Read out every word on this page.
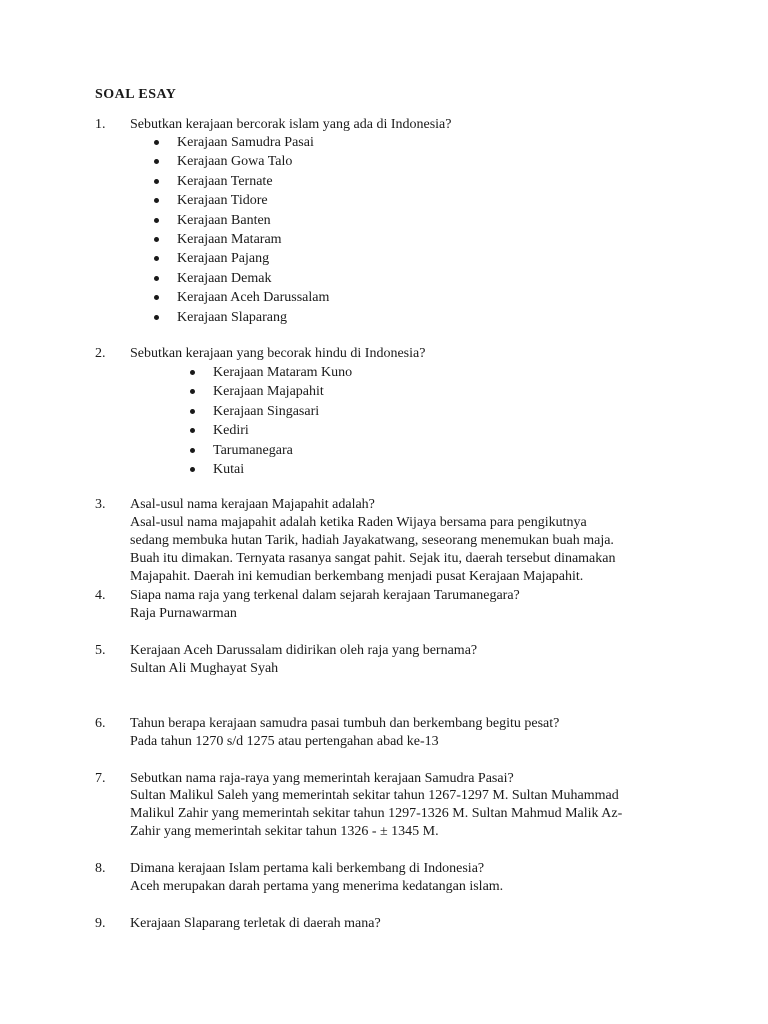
SOAL ESAY
1. Sebutkan kerajaan bercorak islam yang ada di Indonesia?
Kerajaan Samudra Pasai
Kerajaan Gowa Talo
Kerajaan Ternate
Kerajaan Tidore
Kerajaan Banten
Kerajaan Mataram
Kerajaan Pajang
Kerajaan Demak
Kerajaan Aceh Darussalam
Kerajaan Slaparang
2. Sebutkan kerajaan yang becorak hindu di Indonesia?
Kerajaan Mataram Kuno
Kerajaan Majapahit
Kerajaan Singasari
Kediri
Tarumanegara
Kutai
3. Asal-usul nama kerajaan Majapahit adalah?
Asal-usul nama majapahit adalah ketika Raden Wijaya bersama para pengikutnya
sedang membuka hutan Tarik, hadiah Jayakatwang, seseorang menemukan buah maja.
Buah itu dimakan. Ternyata rasanya sangat pahit. Sejak itu, daerah tersebut dinamakan
Majapahit. Daerah ini kemudian berkembang menjadi pusat Kerajaan Majapahit.
4. Siapa nama raja yang terkenal dalam sejarah kerajaan Tarumanegara?
Raja Purnawarman
5. Kerajaan Aceh Darussalam didirikan oleh raja yang bernama?
Sultan Ali Mughayat Syah
6. Tahun berapa kerajaan samudra pasai tumbuh dan berkembang begitu pesat?
Pada tahun 1270 s/d 1275 atau pertengahan abad ke-13
7. Sebutkan nama raja-raya yang memerintah kerajaan Samudra Pasai?
Sultan Malikul Saleh yang memerintah sekitar tahun 1267-1297 M. Sultan Muhammad
Malikul Zahir yang memerintah sekitar tahun 1297-1326 M. Sultan Mahmud Malik Az-
Zahir yang memerintah sekitar tahun 1326 - ± 1345 M.
8. Dimana kerajaan Islam pertama kali berkembang di Indonesia?
Aceh merupakan darah pertama yang menerima kedatangan islam.
9. Kerajaan Slaparang terletak di daerah mana?
